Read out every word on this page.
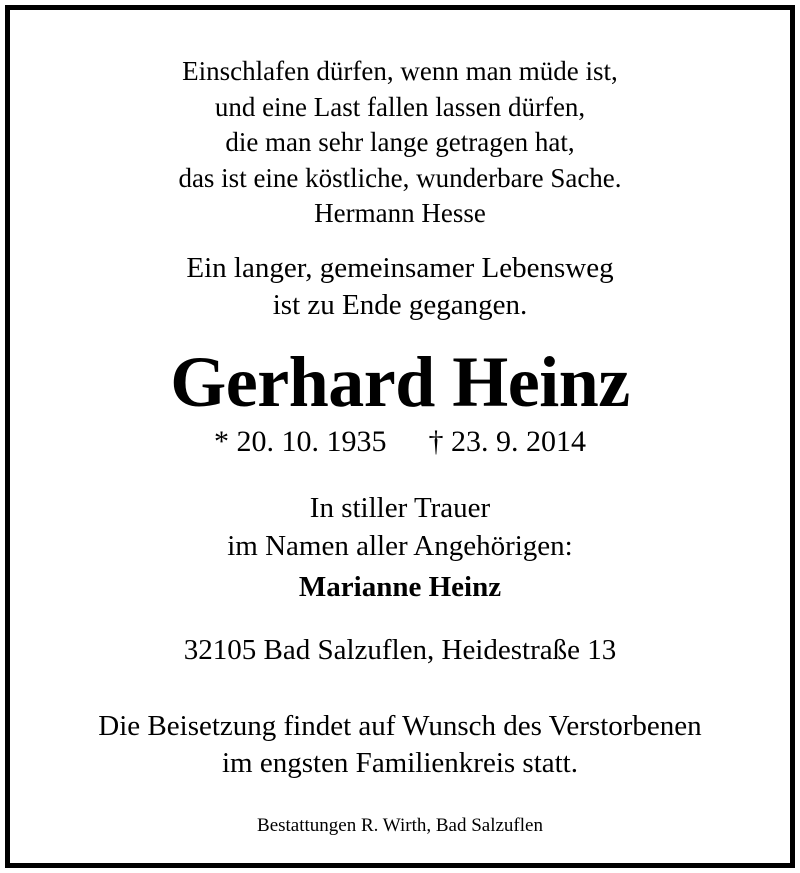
Einschlafen dürfen, wenn man müde ist,
und eine Last fallen lassen dürfen,
die man sehr lange getragen hat,
das ist eine köstliche, wunderbare Sache.
Hermann Hesse
Ein langer, gemeinsamer Lebensweg
ist zu Ende gegangen.
Gerhard Heinz
* 20. 10. 1935 † 23. 9. 2014
In stiller Trauer
im Namen aller Angehörigen:
Marianne Heinz
32105 Bad Salzuflen, Heidestraße 13
Die Beisetzung findet auf Wunsch des Verstorbenen
im engsten Familienkreis statt.
Bestattungen R. Wirth, Bad Salzuflen
